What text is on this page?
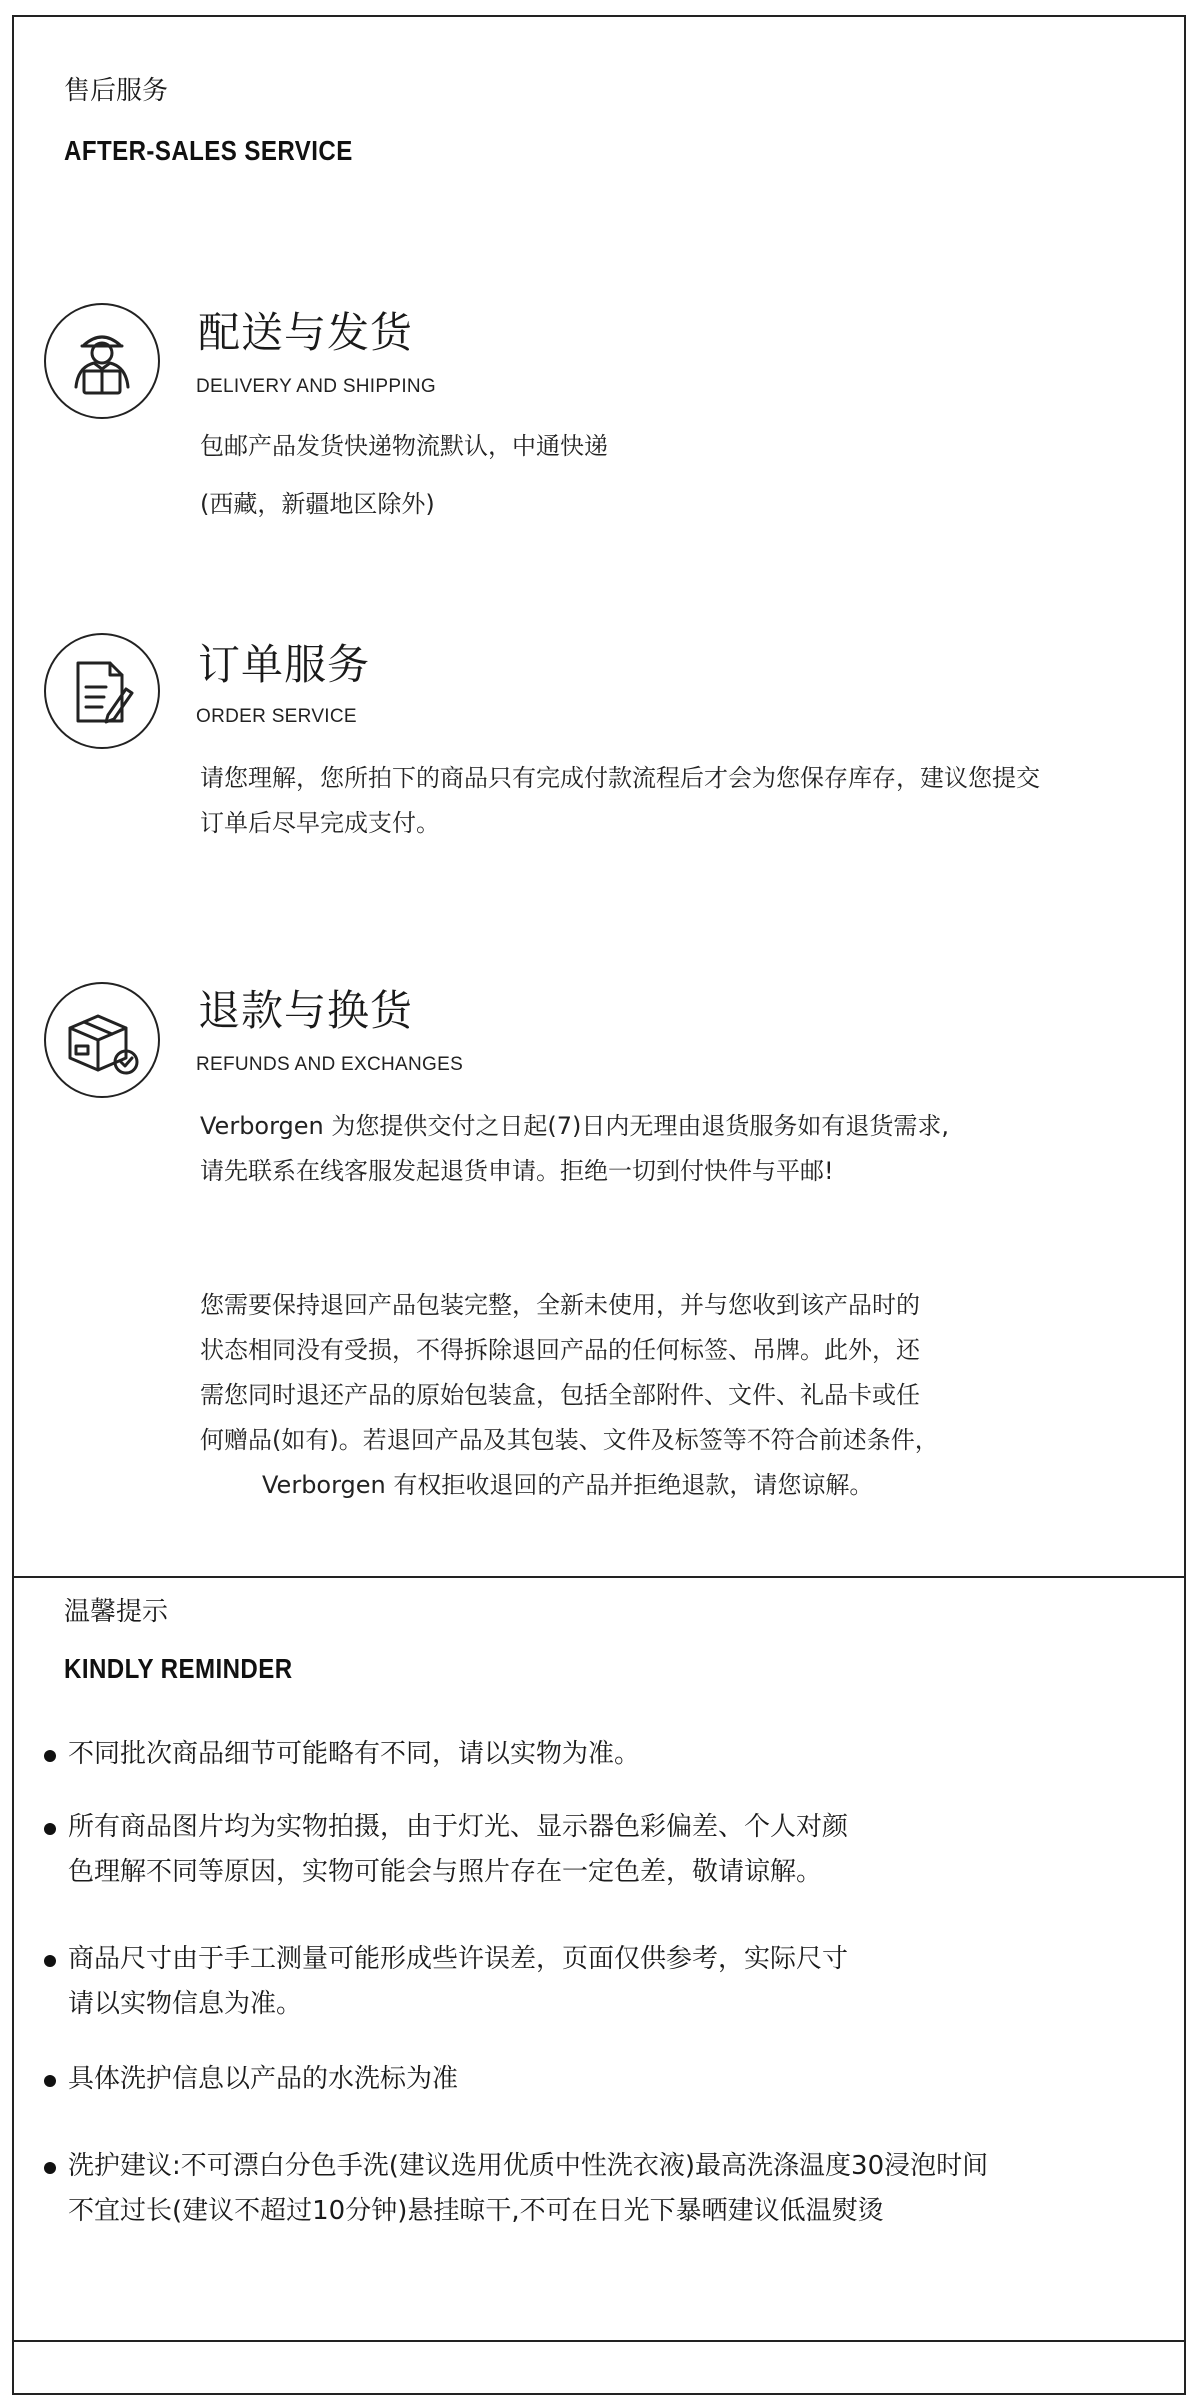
售后服务
AFTER-SALES SERVICE
配送与发货
DELIVERY AND SHIPPING
包邮产品发货快递物流默认，中通快递
(西藏，新疆地区除外)
订单服务
ORDER SERVICE
请您理解，您所拍下的商品只有完成付款流程后才会为您保存库存，建议您提交
订单后尽早完成支付。
退款与换货
REFUNDS AND EXCHANGES
Verborgen 为您提供交付之日起(7)日内无理由退货服务如有退货需求,
请先联系在线客服发起退货申请。拒绝一切到付快件与平邮!
您需要保持退回产品包装完整，全新未使用，并与您收到该产品时的
状态相同没有受损，不得拆除退回产品的任何标签、吊牌。此外，还
需您同时退还产品的原始包装盒，包括全部附件、文件、礼品卡或任
何赠品(如有)。若退回产品及其包装、文件及标签等不符合前述条件，
Verborgen 有权拒收退回的产品并拒绝退款，请您谅解。
温馨提示
KINDLY REMINDER
不同批次商品细节可能略有不同，请以实物为准。
所有商品图片均为实物拍摄，由于灯光、显示器色彩偏差、个人对颜
色理解不同等原因，实物可能会与照片存在一定色差，敬请谅解。
商品尺寸由于手工测量可能形成些许误差，页面仅供参考，实际尺寸
请以实物信息为准。
具体洗护信息以产品的水洗标为准
洗护建议:不可漂白分色手洗(建议选用优质中性洗衣液)最高洗涤温度30浸泡时间
不宜过长(建议不超过10分钟)悬挂晾干,不可在日光下暴晒建议低温熨烫
